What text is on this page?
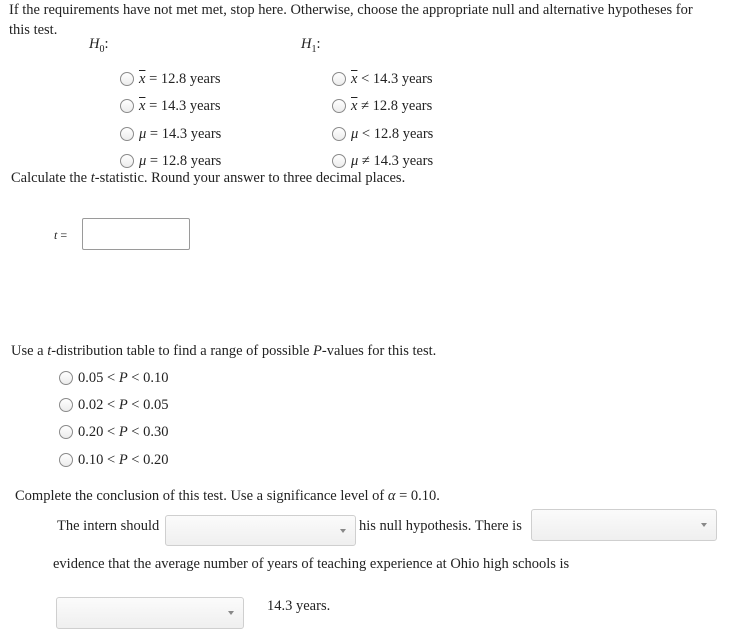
If the requirements have not met met, stop here. Otherwise, choose the appropriate null and alternative hypotheses for
this test.
$H_0$:	$H_1$:
$\overline{x} = 12.8$ years
$\overline{x} = 14.3$ years
μ = 14.3 years
μ = 12.8 years
$\overline{x} < 14.3$ years
$\overline{x} \ne 12.8$ years
μ < 12.8 years
μ ≠ 14.3 years
Calculate the t-statistic. Round your answer to three decimal places.
t =
Use a t-distribution table to find a range of possible P-values for this test.
0.05 < P < 0.10
0.02 < P < 0.05
0.20 < P < 0.30
0.10 < P < 0.20
Complete the conclusion of this test. Use a significance level of α = 0.10.
The intern should	his null hypothesis. There is
evidence that the average number of years of teaching experience at Ohio high schools is
14.3 years.
